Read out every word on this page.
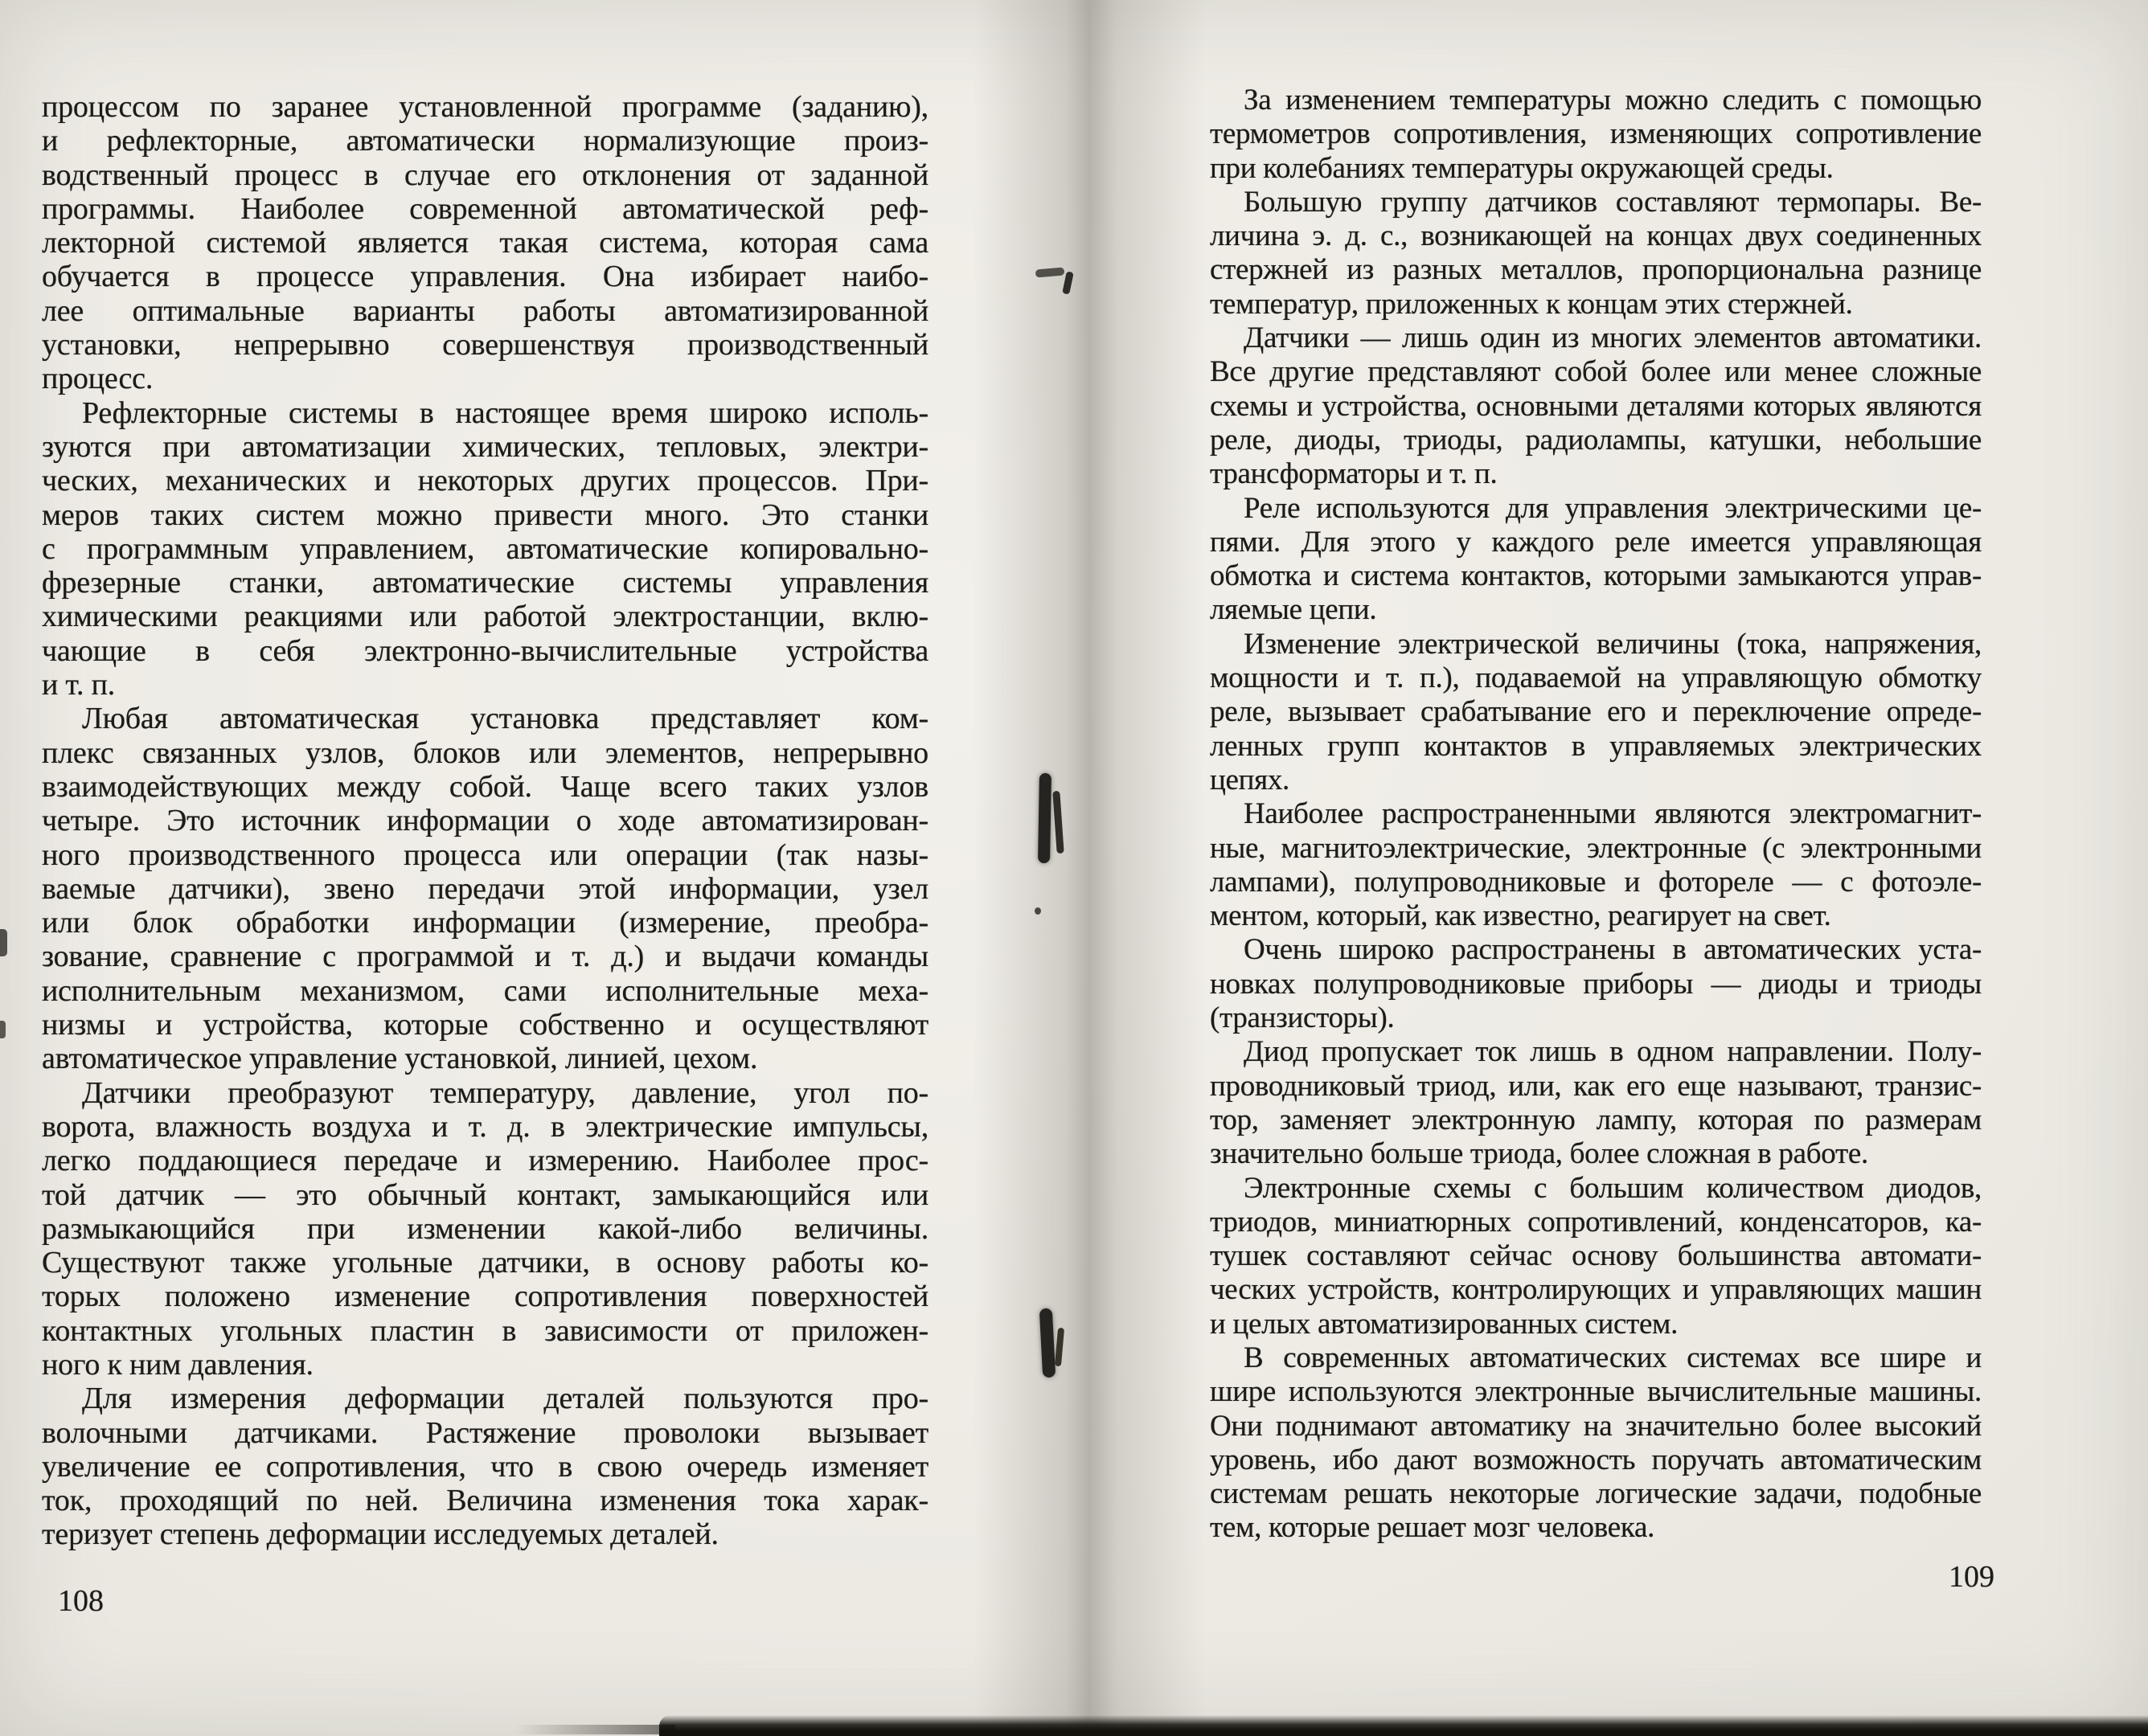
процессом по заранее установленной программе (заданию),
и рефлекторные, автоматически нормализующие произ-
водственный процесс в случае его отклонения от заданной
программы. Наиболее современной автоматической реф-
лекторной системой является такая система, которая сама
обучается в процессе управления. Она избирает наибо-
лее оптимальные варианты работы автоматизированной
установки, непрерывно совершенствуя производственный
процесс.
Рефлекторные системы в настоящее время широко исполь-
зуются при автоматизации химических, тепловых, электри-
ческих, механических и некоторых других процессов. При-
меров таких систем можно привести много. Это станки
с программным управлением, автоматические копировально-
фрезерные станки, автоматические системы управления
химическими реакциями или работой электростанции, вклю-
чающие в себя электронно-вычислительные устройства
и т. п.
Любая автоматическая установка представляет ком-
плекс связанных узлов, блоков или элементов, непрерывно
взаимодействующих между собой. Чаще всего таких узлов
четыре. Это источник информации о ходе автоматизирован-
ного производственного процесса или операции (так назы-
ваемые датчики), звено передачи этой информации, узел
или блок обработки информации (измерение, преобра-
зование, сравнение с программой и т. д.) и выдачи команды
исполнительным механизмом, сами исполнительные меха-
низмы и устройства, которые собственно и осуществляют
автоматическое управление установкой, линией, цехом.
Датчики преобразуют температуру, давление, угол по-
ворота, влажность воздуха и т. д. в электрические импульсы,
легко поддающиеся передаче и измерению. Наиболее прос-
той датчик — это обычный контакт, замыкающийся или
размыкающийся при изменении какой-либо величины.
Существуют также угольные датчики, в основу работы ко-
торых положено изменение сопротивления поверхностей
контактных угольных пластин в зависимости от приложен-
ного к ним давления.
Для измерения деформации деталей пользуются про-
волочными датчиками. Растяжение проволоки вызывает
увеличение ее сопротивления, что в свою очередь изменяет
ток, проходящий по ней. Величина изменения тока харак-
теризует степень деформации исследуемых деталей.
За изменением температуры можно следить с помощью
термометров сопротивления, изменяющих сопротивление
при колебаниях температуры окружающей среды.
Большую группу датчиков составляют термопары. Ве-
личина э. д. с., возникающей на концах двух соединенных
стержней из разных металлов, пропорциональна разнице
температур, приложенных к концам этих стержней.
Датчики — лишь один из многих элементов автоматики.
Все другие представляют собой более или менее сложные
схемы и устройства, основными деталями которых являются
реле, диоды, триоды, радиолампы, катушки, небольшие
трансформаторы и т. п.
Реле используются для управления электрическими це-
пями. Для этого у каждого реле имеется управляющая
обмотка и система контактов, которыми замыкаются управ-
ляемые цепи.
Изменение электрической величины (тока, напряжения,
мощности и т. п.), подаваемой на управляющую обмотку
реле, вызывает срабатывание его и переключение опреде-
ленных групп контактов в управляемых электрических
цепях.
Наиболее распространенными являются электромагнит-
ные, магнитоэлектрические, электронные (с электронными
лампами), полупроводниковые и фотореле — с фотоэле-
ментом, который, как известно, реагирует на свет.
Очень широко распространены в автоматических уста-
новках полупроводниковые приборы — диоды и триоды
(транзисторы).
Диод пропускает ток лишь в одном направлении. Полу-
проводниковый триод, или, как его еще называют, транзис-
тор, заменяет электронную лампу, которая по размерам
значительно больше триода, более сложная в работе.
Электронные схемы с большим количеством диодов,
триодов, миниатюрных сопротивлений, конденсаторов, ка-
тушек составляют сейчас основу большинства автомати-
ческих устройств, контролирующих и управляющих машин
и целых автоматизированных систем.
В современных автоматических системах все шире и
шире используются электронные вычислительные машины.
Они поднимают автоматику на значительно более высокий
уровень, ибо дают возможность поручать автоматическим
системам решать некоторые логические задачи, подобные
тем, которые решает мозг человека.
108
109
